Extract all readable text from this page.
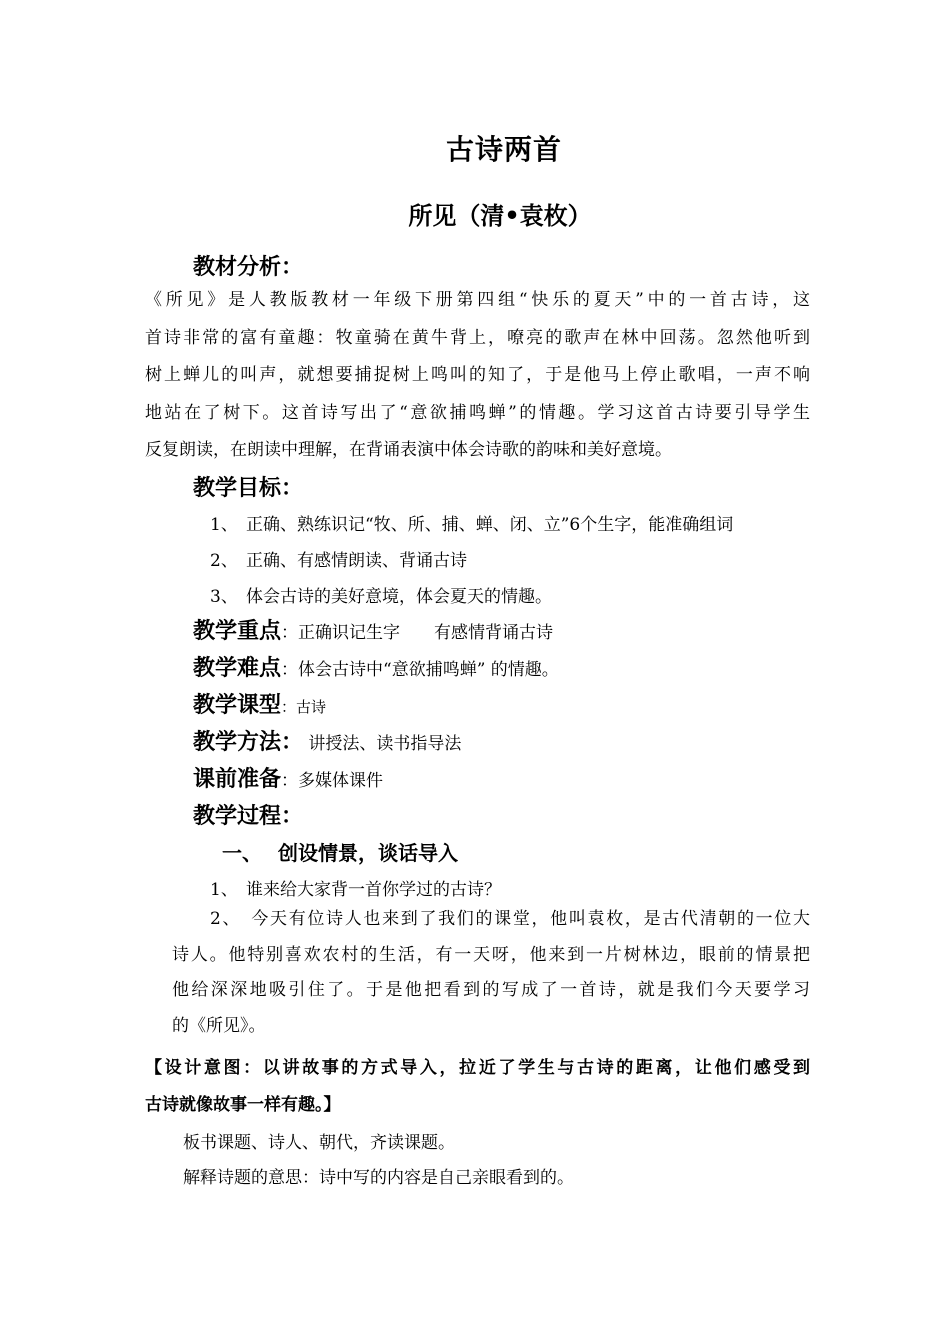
古诗两首
所见（清•袁枚）
教材分析：
《所见》是人教版教材一年级下册第四组“快乐的夏天”中的一首古诗，这
首诗非常的富有童趣：牧童骑在黄牛背上，嘹亮的歌声在林中回荡。忽然他听到
树上蝉儿的叫声，就想要捕捉树上鸣叫的知了，于是他马上停止歌唱，一声不响
地站在了树下。这首诗写出了“意欲捕鸣蝉”的情趣。学习这首古诗要引导学生
反复朗读，在朗读中理解，在背诵表演中体会诗歌的韵味和美好意境。
教学目标：
1、 正确、熟练识记“牧、所、捕、蝉、闭、立”6个生字，能准确组词
2、 正确、有感情朗读、背诵古诗
3、 体会古诗的美好意境，体会夏天的情趣。
教学重点：正确识记生字　　有感情背诵古诗
教学难点：体会古诗中“意欲捕鸣蝉” 的情趣。
教学课型：古诗
教学方法： 讲授法、读书指导法
课前准备：多媒体课件
教学过程：
一、 创设情景，谈话导入
1、 谁来给大家背一首你学过的古诗？
2、　今天有位诗人也来到了我们的课堂，他叫袁枚，是古代清朝的一位大
诗人。他特别喜欢农村的生活，有一天呀，他来到一片树林边，眼前的情景把
他给深深地吸引住了。于是他把看到的写成了一首诗，就是我们今天要学习
的《所见》。
【设计意图：以讲故事的方式导入，拉近了学生与古诗的距离，让他们感受到
古诗就像故事一样有趣。】
板书课题、诗人、朝代，齐读课题。
解释诗题的意思：诗中写的内容是自己亲眼看到的。
